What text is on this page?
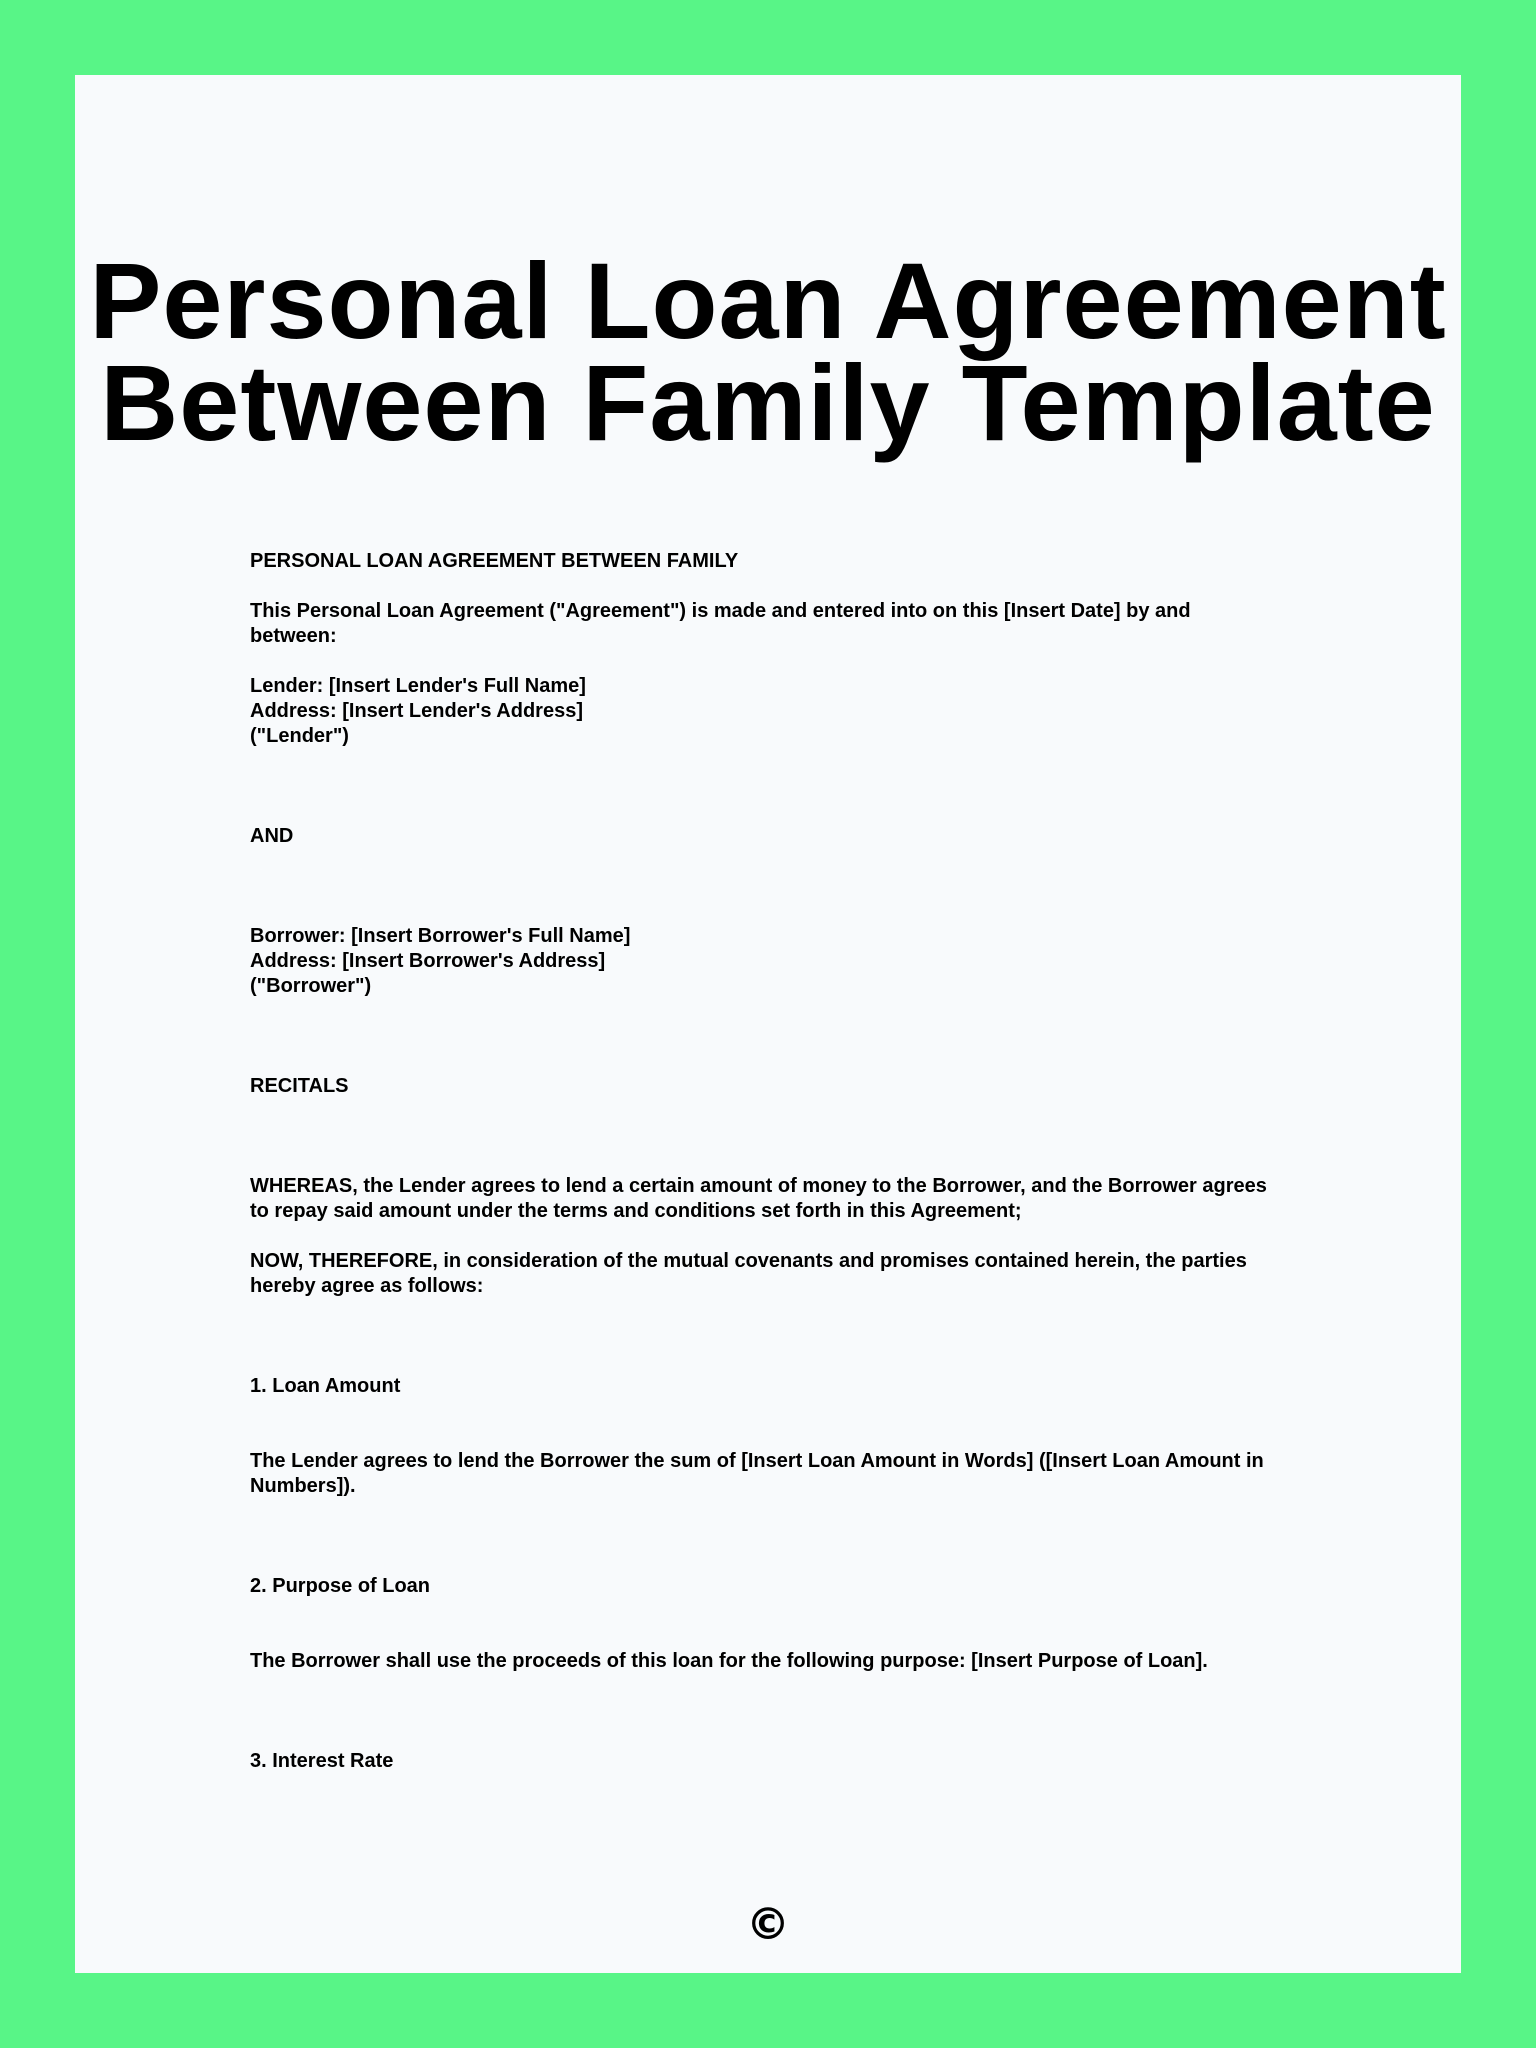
Personal Loan Agreement
Between Family Template

PERSONAL LOAN AGREEMENT BETWEEN FAMILY

This Personal Loan Agreement ("Agreement") is made and entered into on this [Insert Date] by and
between:

Lender: [Insert Lender's Full Name]
Address: [Insert Lender's Address]
("Lender")

AND

Borrower: [Insert Borrower's Full Name]
Address: [Insert Borrower's Address]
("Borrower")

RECITALS

WHEREAS, the Lender agrees to lend a certain amount of money to the Borrower, and the Borrower agrees
to repay said amount under the terms and conditions set forth in this Agreement;

NOW, THEREFORE, in consideration of the mutual covenants and promises contained herein, the parties
hereby agree as follows:

1. Loan Amount

The Lender agrees to lend the Borrower the sum of [Insert Loan Amount in Words] ([Insert Loan Amount in
Numbers]).

2. Purpose of Loan

The Borrower shall use the proceeds of this loan for the following purpose: [Insert Purpose of Loan].

3. Interest Rate

©
